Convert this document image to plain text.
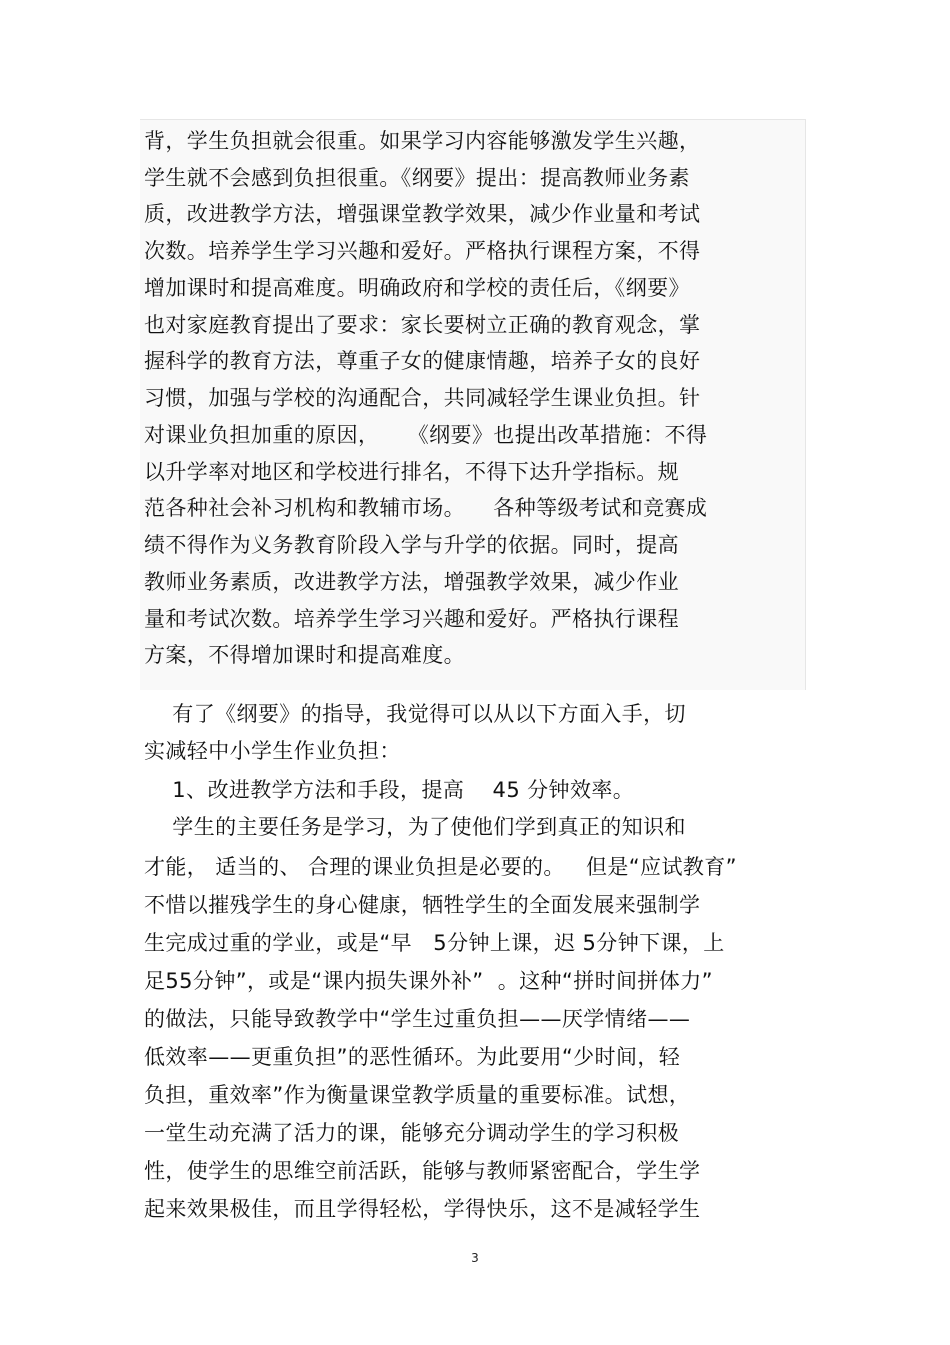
背，学生负担就会很重。如果学习内容能够激发学生兴趣，
学生就不会感到负担很重。《纲要》提出：提高教师业务素
质，改进教学方法，增强课堂教学效果，减少作业量和考试
次数。培养学生学习兴趣和爱好。严格执行课程方案，不得
增加课时和提高难度。明确政府和学校的责任后，《纲要》
也对家庭教育提出了要求：家长要树立正确的教育观念，掌
握科学的教育方法，尊重子女的健康情趣，培养子女的良好
习惯，加强与学校的沟通配合，共同减轻学生课业负担。针
对课业负担加重的原因，    《纲要》也提出改革措施：不得
以升学率对地区和学校进行排名，不得下达升学指标。规
范各种社会补习机构和教辅市场。    各种等级考试和竞赛成
绩不得作为义务教育阶段入学与升学的依据。同时，提高
教师业务素质，改进教学方法，增强教学效果，减少作业
量和考试次数。培养学生学习兴趣和爱好。严格执行课程
方案，不得增加课时和提高难度。
有了《纲要》的指导，我觉得可以从以下方面入手，切
实减轻中小学生作业负担：
1、改进教学方法和手段，提高    45 分钟效率。
学生的主要任务是学习，为了使他们学到真正的知识和
才能， 适当的、 合理的课业负担是必要的。   但是“应试教育”
不惜以摧残学生的身心健康，牺牲学生的全面发展来强制学
生完成过重的学业，或是“早   5分钟上课，迟 5分钟下课，上
足55分钟”，或是“课内损失课外补”  。这种“拼时间拼体力”
的做法，只能导致教学中“学生过重负担——厌学情绪——
低效率——更重负担”的恶性循环。为此要用“少时间，轻
负担，重效率”作为衡量课堂教学质量的重要标准。试想，
一堂生动充满了活力的课，能够充分调动学生的学习积极
性，使学生的思维空前活跃，能够与教师紧密配合，学生学
起来效果极佳，而且学得轻松，学得快乐，这不是减轻学生
3
